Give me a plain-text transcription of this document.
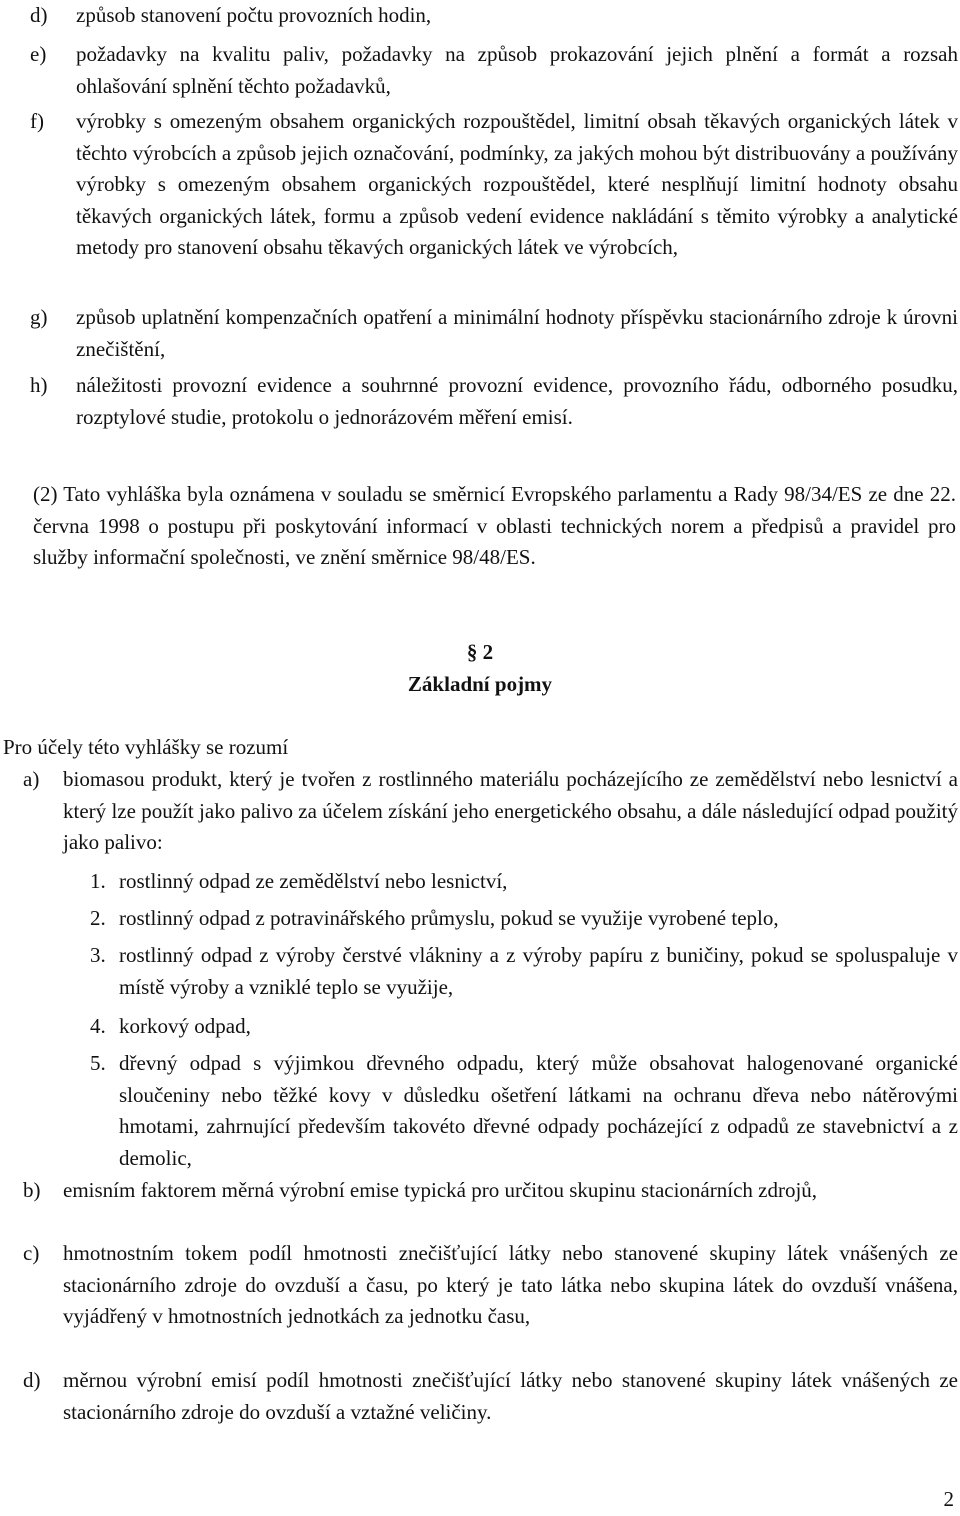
d) způsob stanovení počtu provozních hodin,
e) požadavky na kvalitu paliv, požadavky na způsob prokazování jejich plnění a formát a rozsah ohlašování splnění těchto požadavků,
f) výrobky s omezeným obsahem organických rozpouštědel, limitní obsah těkavých organických látek v těchto výrobcích a způsob jejich označování, podmínky, za jakých mohou být distribuovány a používány výrobky s omezeným obsahem organických rozpouštědel, které nesplňují limitní hodnoty obsahu těkavých organických látek, formu a způsob vedení evidence nakládání s těmito výrobky a analytické metody pro stanovení obsahu těkavých organických látek ve výrobcích,
g) způsob uplatnění kompenzačních opatření a minimální hodnoty příspěvku stacionárního zdroje k úrovni znečištění,
h) náležitosti provozní evidence a souhrnné provozní evidence, provozního řádu, odborného posudku, rozptylové studie, protokolu o jednorázovém měření emisí.
(2) Tato vyhláška byla oznámena v souladu se směrnicí Evropského parlamentu a Rady 98/34/ES ze dne 22. června 1998 o postupu při poskytování informací v oblasti technických norem a předpisů a pravidel pro služby informační společnosti, ve znění směrnice 98/48/ES.
§ 2
Základní pojmy
Pro účely této vyhlášky se rozumí
a) biomasou produkt, který je tvořen z rostlinného materiálu pocházejícího ze zemědělství nebo lesnictví a který lze použít jako palivo za účelem získání jeho energetického obsahu, a dále následující odpad použitý jako palivo:
1. rostlinný odpad ze zemědělství nebo lesnictví,
2. rostlinný odpad z potravinářského průmyslu, pokud se využije vyrobené teplo,
3. rostlinný odpad z výroby čerstvé vlákniny a z výroby papíru z buničiny, pokud se spoluspaluje v místě výroby a vzniklé teplo se využije,
4. korkový odpad,
5. dřevný odpad s výjimkou dřevného odpadu, který může obsahovat halogenované organické sloučeniny nebo těžké kovy v důsledku ošetření látkami na ochranu dřeva nebo nátěrovými hmotami, zahrnující především takovéto dřevné odpady pocházející z odpadů ze stavebnictví a z demolic,
b) emisním faktorem měrná výrobní emise typická pro určitou skupinu stacionárních zdrojů,
c) hmotnostním tokem podíl hmotnosti znečišťující látky nebo stanovené skupiny látek vnášených ze stacionárního zdroje do ovzduší a času, po který je tato látka nebo skupina látek do ovzduší vnášena, vyjádřený v hmotnostních jednotkách za jednotku času,
d) měrnou výrobní emisí podíl hmotnosti znečišťující látky nebo stanovené skupiny látek vnášených ze stacionárního zdroje do ovzduší a vztažné veličiny.
2
